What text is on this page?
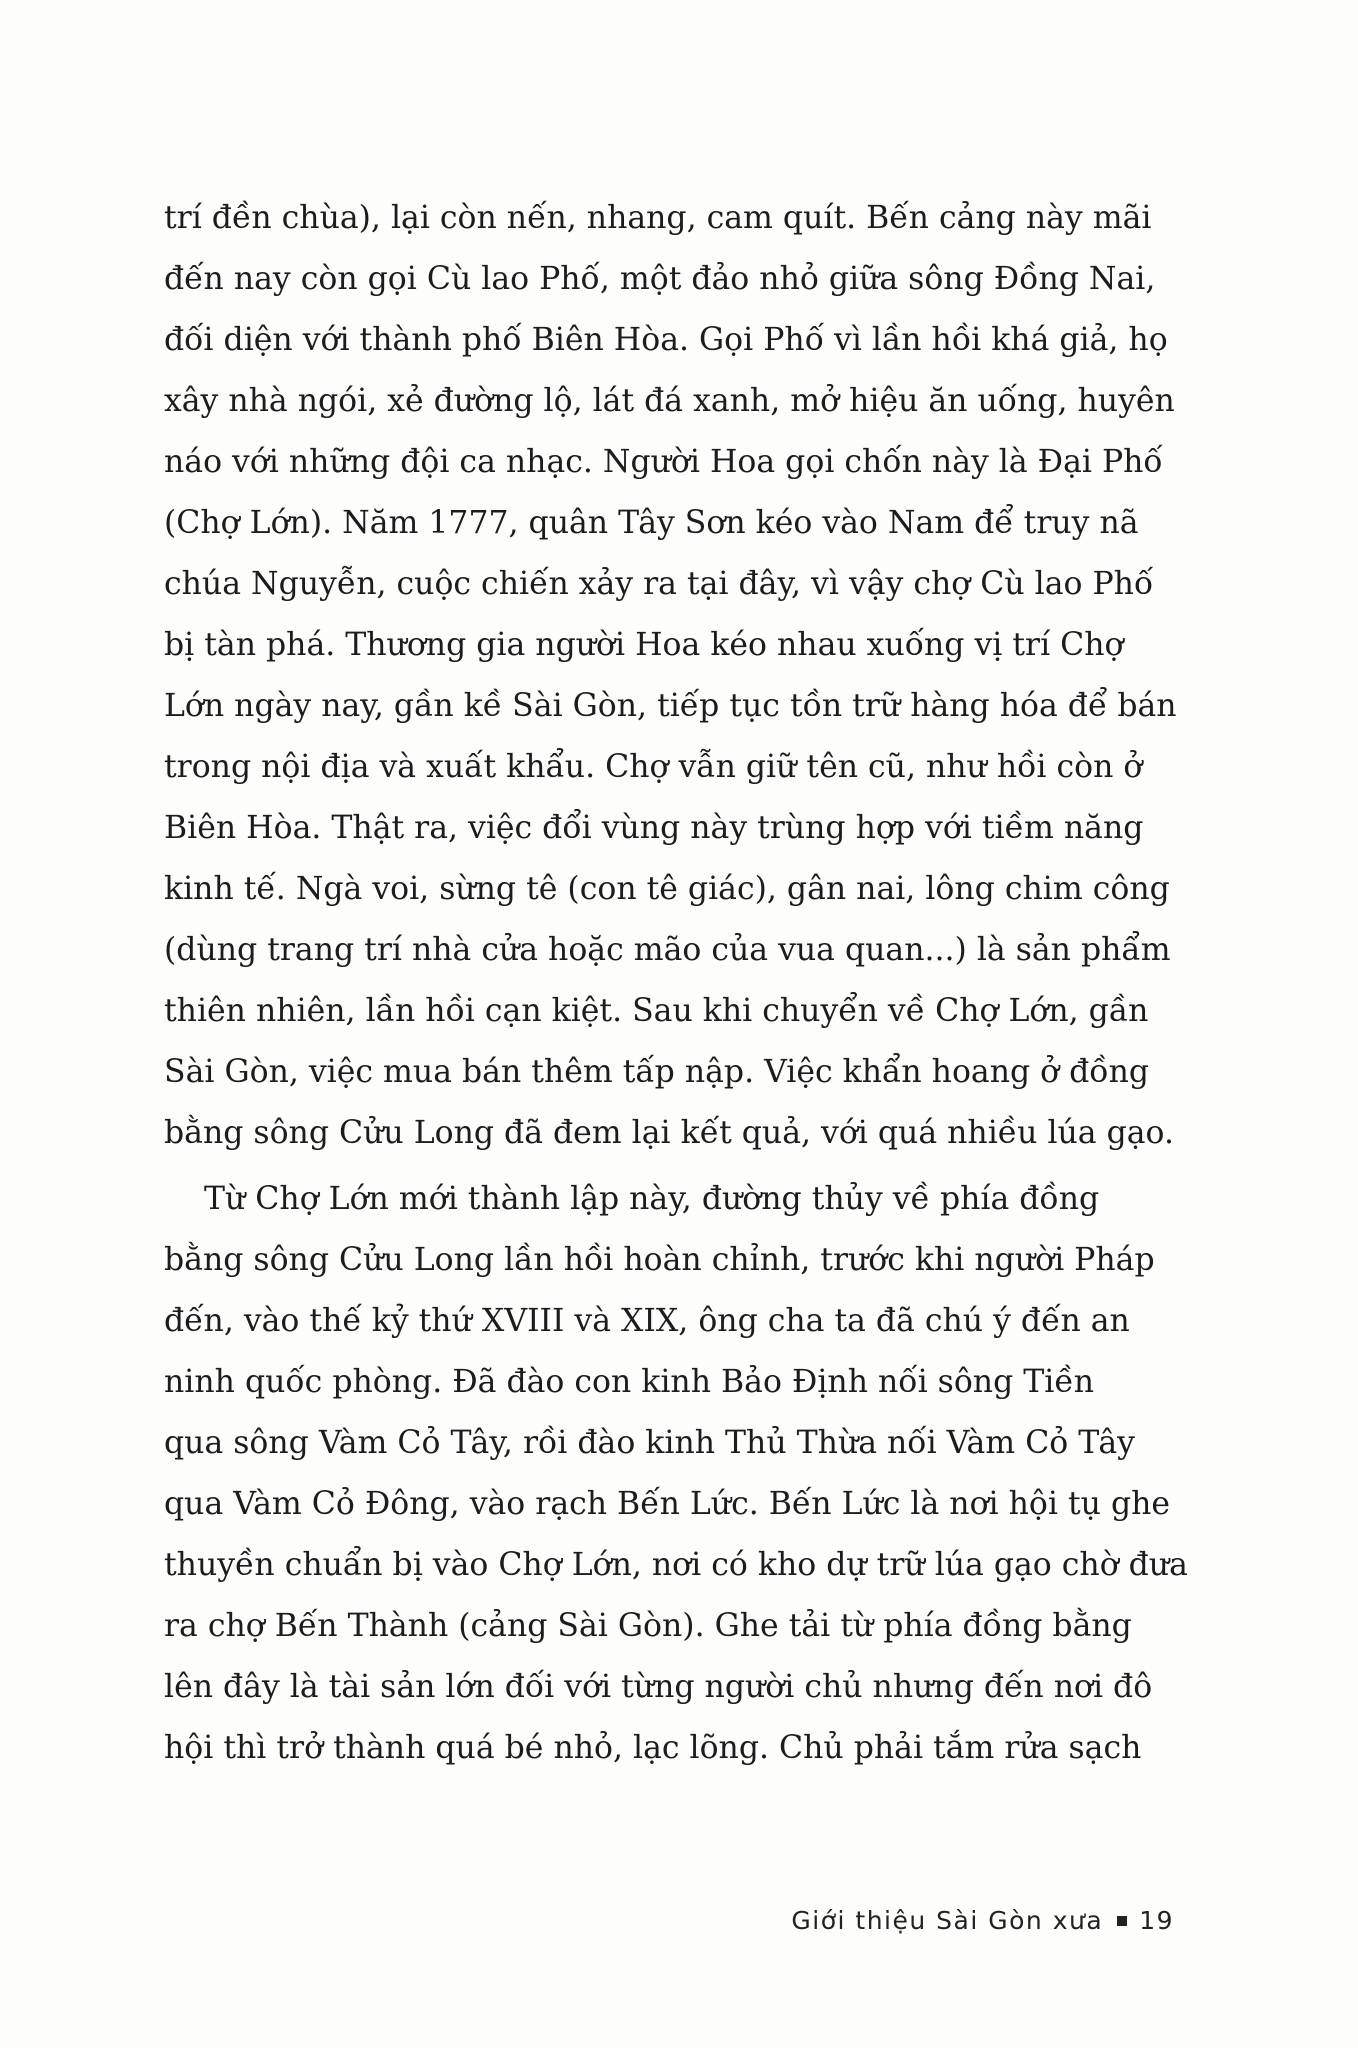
trí đền chùa), lại còn nến, nhang, cam quít. Bến cảng này mãi
đến nay còn gọi Cù lao Phố, một đảo nhỏ giữa sông Đồng Nai,
đối diện với thành phố Biên Hòa. Gọi Phố vì lần hồi khá giả, họ
xây nhà ngói, xẻ đường lộ, lát đá xanh, mở hiệu ăn uống, huyên
náo với những đội ca nhạc. Người Hoa gọi chốn này là Đại Phố
(Chợ Lớn). Năm 1777, quân Tây Sơn kéo vào Nam để truy nã
chúa Nguyễn, cuộc chiến xảy ra tại đây, vì vậy chợ Cù lao Phố
bị tàn phá. Thương gia người Hoa kéo nhau xuống vị trí Chợ
Lớn ngày nay, gần kề Sài Gòn, tiếp tục tồn trữ hàng hóa để bán
trong nội địa và xuất khẩu. Chợ vẫn giữ tên cũ, như hồi còn ở
Biên Hòa. Thật ra, việc đổi vùng này trùng hợp với tiềm năng
kinh tế. Ngà voi, sừng tê (con tê giác), gân nai, lông chim công
(dùng trang trí nhà cửa hoặc mão của vua quan...) là sản phẩm
thiên nhiên, lần hồi cạn kiệt. Sau khi chuyển về Chợ Lớn, gần
Sài Gòn, việc mua bán thêm tấp nập. Việc khẩn hoang ở đồng
bằng sông Cửu Long đã đem lại kết quả, với quá nhiều lúa gạo.
Từ Chợ Lớn mới thành lập này, đường thủy về phía đồng
bằng sông Cửu Long lần hồi hoàn chỉnh, trước khi người Pháp
đến, vào thế kỷ thứ XVIII và XIX, ông cha ta đã chú ý đến an
ninh quốc phòng. Đã đào con kinh Bảo Định nối sông Tiền
qua sông Vàm Cỏ Tây, rồi đào kinh Thủ Thừa nối Vàm Cỏ Tây
qua Vàm Cỏ Đông, vào rạch Bến Lức. Bến Lức là nơi hội tụ ghe
thuyền chuẩn bị vào Chợ Lớn, nơi có kho dự trữ lúa gạo chờ đưa
ra chợ Bến Thành (cảng Sài Gòn). Ghe tải từ phía đồng bằng
lên đây là tài sản lớn đối với từng người chủ nhưng đến nơi đô
hội thì trở thành quá bé nhỏ, lạc lõng. Chủ phải tắm rửa sạch
Giới thiệu Sài Gòn xưa 19
